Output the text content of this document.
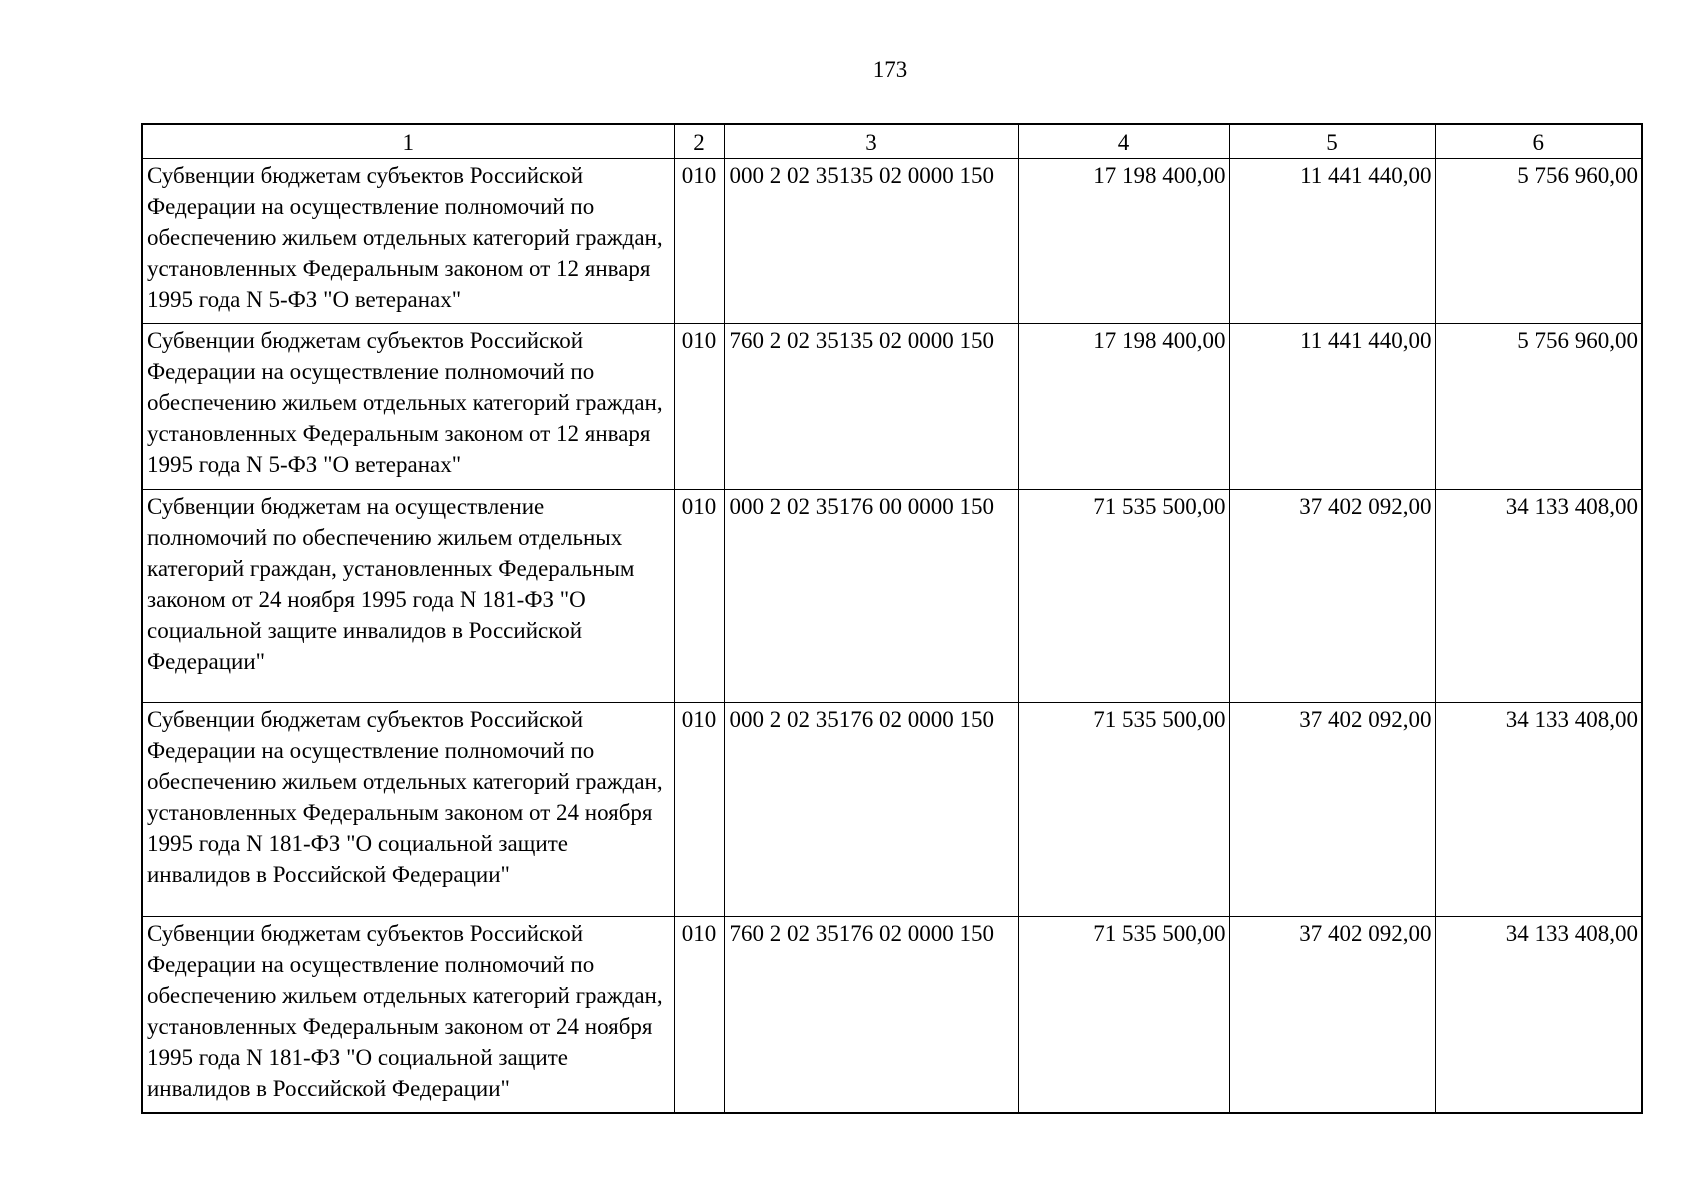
173
1	2	3	4	5	6
Субвенции бюджетам субъектов Российской Федерации на осуществление полномочий по обеспечению жильем отдельных категорий граждан, установленных Федеральным законом от 12 января 1995 года N 5-ФЗ "О ветеранах"	010	000 2 02 35135 02 0000 150	17 198 400,00	11 441 440,00	5 756 960,00
Субвенции бюджетам субъектов Российской Федерации на осуществление полномочий по обеспечению жильем отдельных категорий граждан, установленных Федеральным законом от 12 января 1995 года N 5-ФЗ "О ветеранах"	010	760 2 02 35135 02 0000 150	17 198 400,00	11 441 440,00	5 756 960,00
Субвенции бюджетам на осуществление полномочий по обеспечению жильем отдельных категорий граждан, установленных Федеральным законом от 24 ноября 1995 года N 181-ФЗ "О социальной защите инвалидов в Российской Федерации"	010	000 2 02 35176 00 0000 150	71 535 500,00	37 402 092,00	34 133 408,00
Субвенции бюджетам субъектов Российской Федерации на осуществление полномочий по обеспечению жильем отдельных категорий граждан, установленных Федеральным законом от 24 ноября 1995 года N 181-ФЗ "О социальной защите инвалидов в Российской Федерации"	010	000 2 02 35176 02 0000 150	71 535 500,00	37 402 092,00	34 133 408,00
Субвенции бюджетам субъектов Российской Федерации на осуществление полномочий по обеспечению жильем отдельных категорий граждан, установленных Федеральным законом от 24 ноября 1995 года N 181-ФЗ "О социальной защите инвалидов в Российской Федерации"	010	760 2 02 35176 02 0000 150	71 535 500,00	37 402 092,00	34 133 408,00
